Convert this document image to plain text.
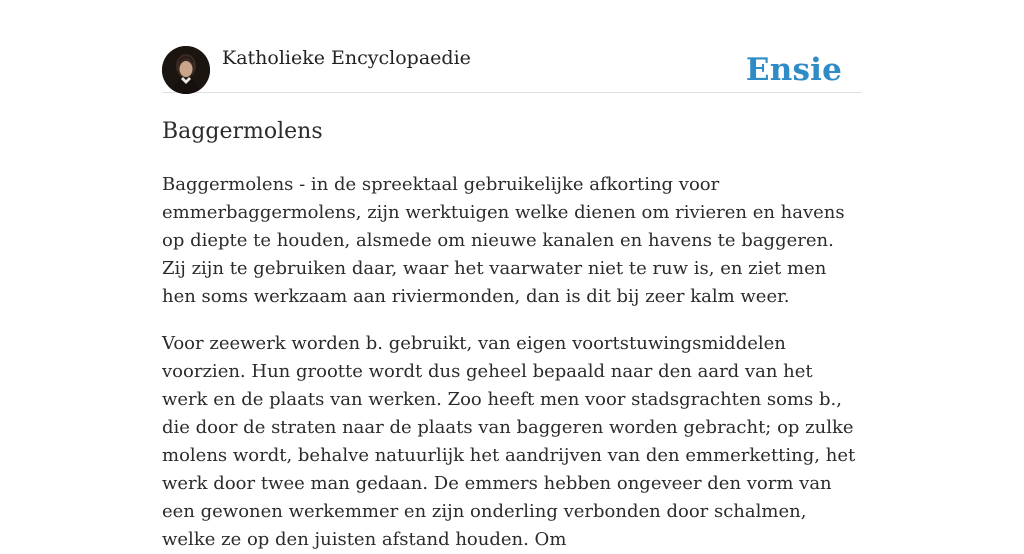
Katholieke Encyclopaedie	Ensie
Baggermolens

Baggermolens - in de spreektaal gebruikelijke afkorting voor emmerbaggermolens, zijn werktuigen welke dienen om rivieren en havens op diepte te houden, alsmede om nieuwe kanalen en havens te baggeren. Zij zijn te gebruiken daar, waar het vaarwater niet te ruw is, en ziet men hen soms werkzaam aan riviermonden, dan is dit bij zeer kalm weer.

Voor zeewerk worden b. gebruikt, van eigen voortstuwingsmiddelen voorzien. Hun grootte wordt dus geheel bepaald naar den aard van het werk en de plaats van werken. Zoo heeft men voor stadsgrachten soms b., die door de straten naar de plaats van baggeren worden gebracht; op zulke molens wordt, behalve natuurlijk het aandrijven van den emmerketting, het werk door twee man gedaan. De emmers hebben ongeveer den vorm van een gewonen werkemmer en zijn onderling verbonden door schalmen, welke ze op den juisten afstand houden. Om
